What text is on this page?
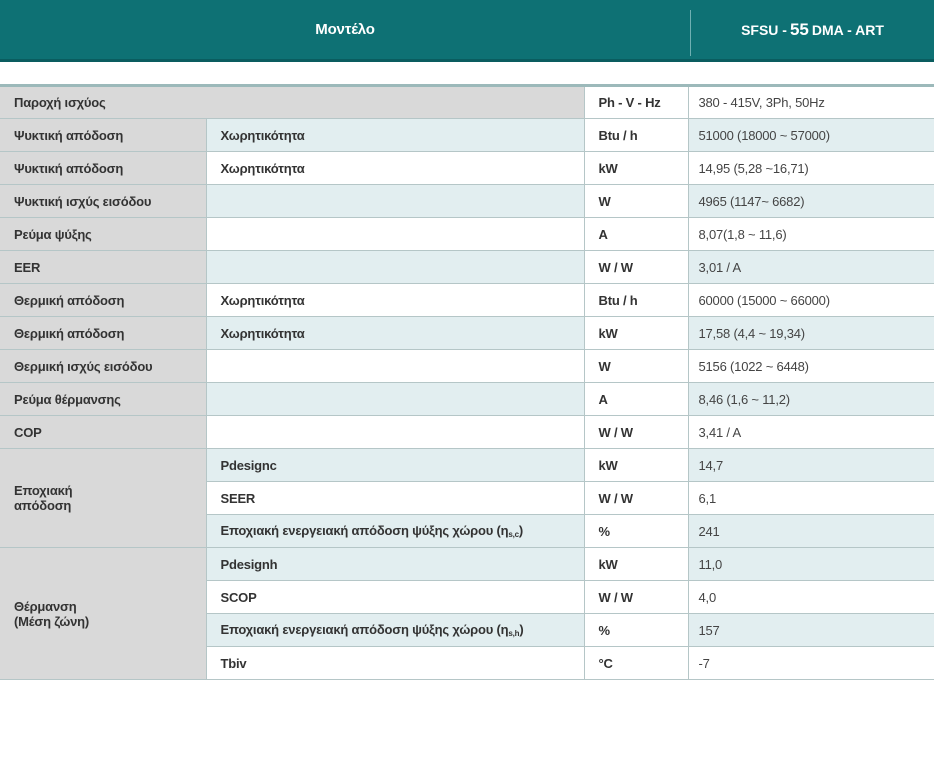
Μοντέλο	SFSU - 55 DMA - ART
Παροχή ισχύος		Ph - V - Hz	380 - 415V, 3Ph, 50Hz
Ψυκτική απόδοση	Χωρητικότητα	Btu / h	51000 (18000 ~ 57000)
Ψυκτική απόδοση	Χωρητικότητα	kW	14,95 (5,28 ~16,71)
Ψυκτική ισχύς εισόδου		W	4965 (1147~ 6682)
Ρεύμα ψύξης		A	8,07(1,8 ~ 11,6)
EER		W / W	3,01 / A
Θερμική απόδοση	Χωρητικότητα	Btu / h	60000 (15000 ~ 66000)
Θερμική απόδοση	Χωρητικότητα	kW	17,58 (4,4 ~ 19,34)
Θερμική ισχύς εισόδου		W	5156 (1022 ~ 6448)
Ρεύμα θέρμανσης		A	8,46 (1,6 ~ 11,2)
COP		W / W	3,41 / A
Εποχιακή
απόδοση	Pdesignc	kW	14,7
	SEER	W / W	6,1
	Εποχιακή ενεργειακή απόδοση ψύξης χώρου $(\eta_{s,c})$	%	241
Θέρμανση
(Μέση ζώνη)	Pdesignh	kW	11,0
	SCOP	W / W	4,0
	Εποχιακή ενεργειακή απόδοση ψύξης χώρου $(\eta_{s,h})$	%	157
	Tbiv	°C	-7
